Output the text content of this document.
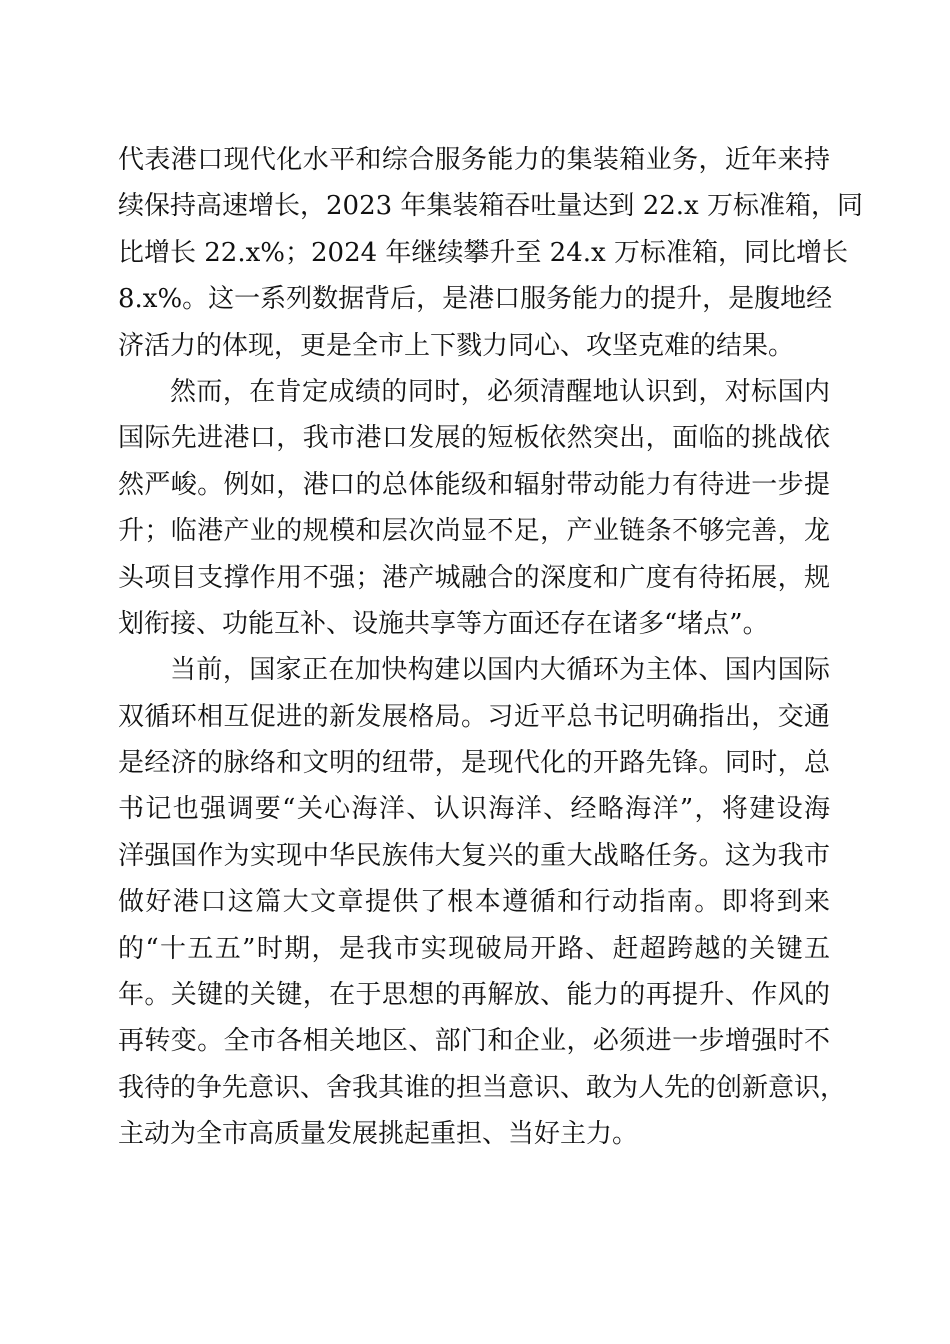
代表港口现代化水平和综合服务能力的集装箱业务，近年来持
续保持高速增长，2023 年集装箱吞吐量达到 22.x 万标准箱，同
比增长 22.x%；2024 年继续攀升至 24.x 万标准箱，同比增长
8.x%。这一系列数据背后，是港口服务能力的提升，是腹地经
济活力的体现，更是全市上下戮力同心、攻坚克难的结果。
然而，在肯定成绩的同时，必须清醒地认识到，对标国内
国际先进港口，我市港口发展的短板依然突出，面临的挑战依
然严峻。例如，港口的总体能级和辐射带动能力有待进一步提
升；临港产业的规模和层次尚显不足，产业链条不够完善，龙
头项目支撑作用不强；港产城融合的深度和广度有待拓展，规
划衔接、功能互补、设施共享等方面还存在诸多“堵点”。
当前，国家正在加快构建以国内大循环为主体、国内国际
双循环相互促进的新发展格局。习近平总书记明确指出，交通
是经济的脉络和文明的纽带，是现代化的开路先锋。同时，总
书记也强调要“关心海洋、认识海洋、经略海洋”，将建设海
洋强国作为实现中华民族伟大复兴的重大战略任务。这为我市
做好港口这篇大文章提供了根本遵循和行动指南。即将到来
的“十五五”时期，是我市实现破局开路、赶超跨越的关键五
年。关键的关键，在于思想的再解放、能力的再提升、作风的
再转变。全市各相关地区、部门和企业，必须进一步增强时不
我待的争先意识、舍我其谁的担当意识、敢为人先的创新意识，
主动为全市高质量发展挑起重担、当好主力。
